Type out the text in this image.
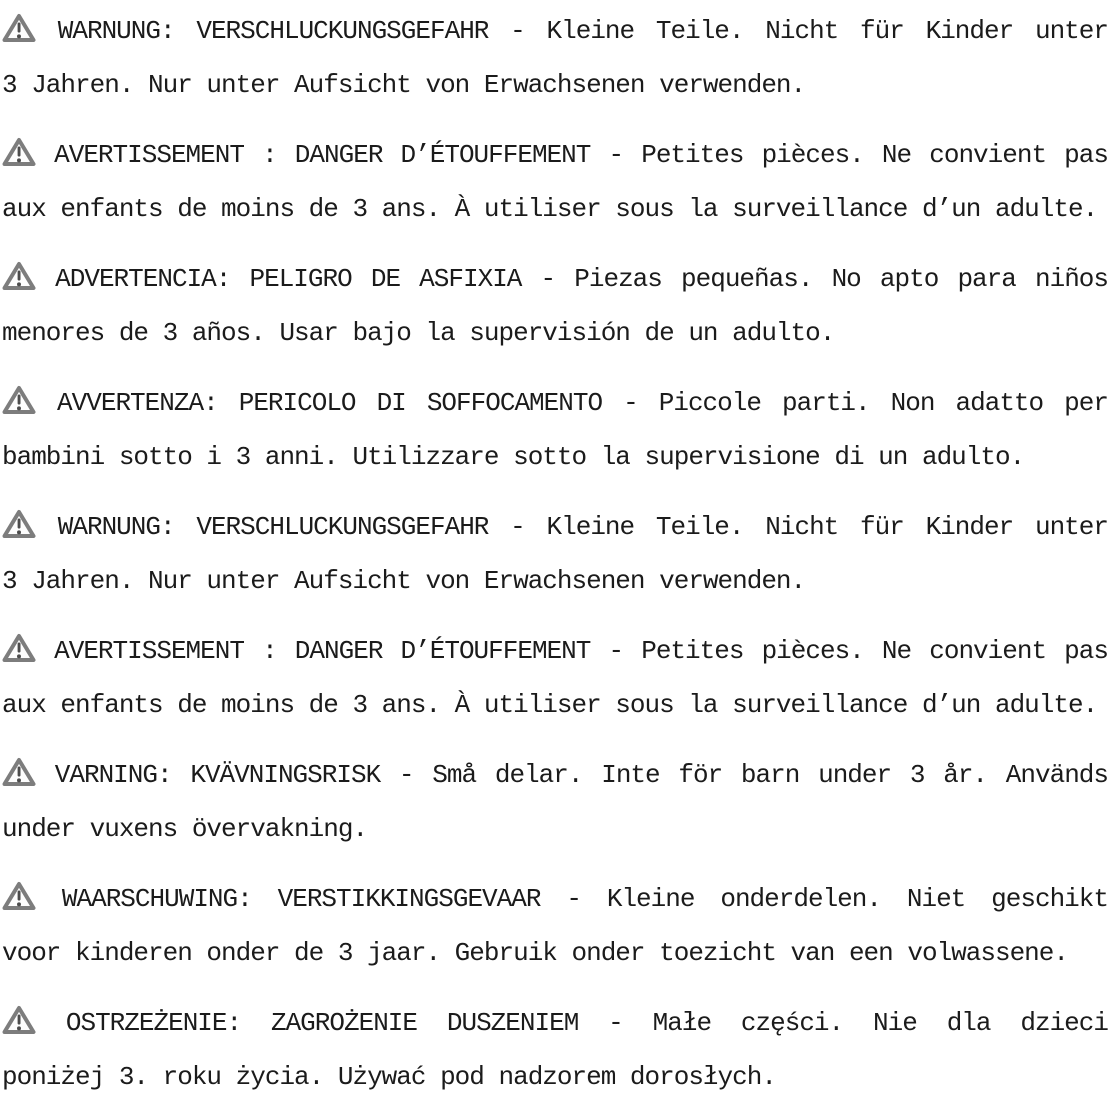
WARNUNG: VERSCHLUCKUNGSGEFAHR - Kleine Teile. Nicht für Kinder unter
3 Jahren. Nur unter Aufsicht von Erwachsenen verwenden.
AVERTISSEMENT : DANGER D’ÉTOUFFEMENT - Petites pièces. Ne convient pas
aux enfants de moins de 3 ans. À utiliser sous la surveillance d’un adulte.
ADVERTENCIA: PELIGRO DE ASFIXIA - Piezas pequeñas. No apto para niños
menores de 3 años. Usar bajo la supervisión de un adulto.
AVVERTENZA: PERICOLO DI SOFFOCAMENTO - Piccole parti. Non adatto per
bambini sotto i 3 anni. Utilizzare sotto la supervisione di un adulto.
WARNUNG: VERSCHLUCKUNGSGEFAHR - Kleine Teile. Nicht für Kinder unter
3 Jahren. Nur unter Aufsicht von Erwachsenen verwenden.
AVERTISSEMENT : DANGER D’ÉTOUFFEMENT - Petites pièces. Ne convient pas
aux enfants de moins de 3 ans. À utiliser sous la surveillance d’un adulte.
VARNING: KVÄVNINGSRISK - Små delar. Inte för barn under 3 år. Används
under vuxens övervakning.
WAARSCHUWING: VERSTIKKINGSGEVAAR - Kleine onderdelen. Niet geschikt
voor kinderen onder de 3 jaar. Gebruik onder toezicht van een volwassene.
OSTRZEŻENIE: ZAGROŻENIE DUSZENIEM - Małe części. Nie dla dzieci
poniżej 3. roku życia. Używać pod nadzorem dorosłych.
